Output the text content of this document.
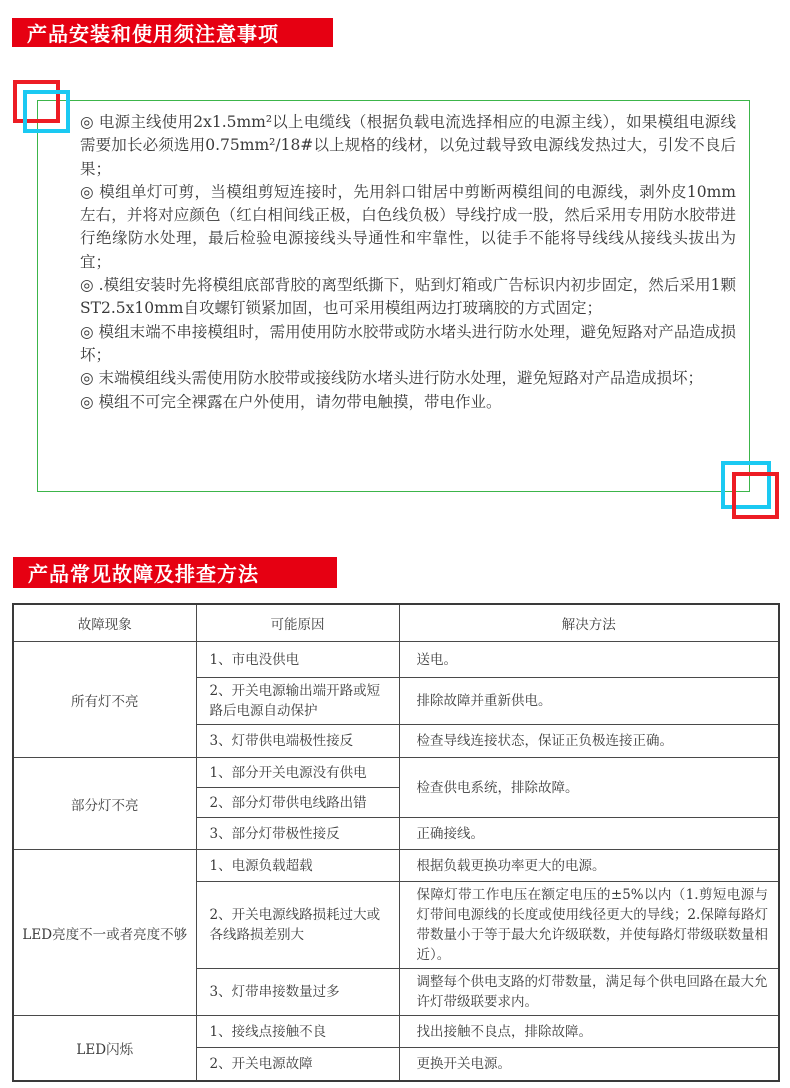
产品安装和使用须注意事项

◎ 电源主线使用2x1.5mm²以上电缆线（根据负载电流选择相应的电源主线），如果模组电源线需要加长必须选用0.75mm²/18#以上规格的线材，以免过载导致电源线发热过大，引发不良后果；

◎ 模组单灯可剪，当模组剪短连接时，先用斜口钳居中剪断两模组间的电源线，剥外皮10mm左右，并将对应颜色（红白相间线正极，白色线负极）导线拧成一股，然后采用专用防水胶带进行绝缘防水处理，最后检验电源接线头导通性和牢靠性，以徒手不能将导线线从接线头拔出为宜；

◎ .模组安装时先将模组底部背胶的离型纸撕下，贴到灯箱或广告标识内初步固定，然后采用1颗ST2.5x10mm自攻螺钉锁紧加固，也可采用模组两边打玻璃胶的方式固定；

◎ 模组末端不串接模组时，需用使用防水胶带或防水堵头进行防水处理，避免短路对产品造成损坏；

◎ 末端模组线头需使用防水胶带或接线防水堵头进行防水处理，避免短路对产品造成损坏；

◎ 模组不可完全裸露在户外使用，请勿带电触摸，带电作业。

产品常见故障及排查方法
故障现象	可能原因	解决方法
所有灯不亮	1、市电没供电	送电。
	2、开关电源输出端开路或短路后电源自动保护	排除故障并重新供电。
	3、灯带供电端极性接反	检查导线连接状态，保证正负极连接正确。
部分灯不亮	1、部分开关电源没有供电	检查供电系统，排除故障。
	2、部分灯带供电线路出错	
	3、部分灯带极性接反	正确接线。
LED亮度不一或者亮度不够	1、电源负载超载	根据负载更换功率更大的电源。
	2、开关电源线路损耗过大或各线路损差别大	保障灯带工作电压在额定电压的±5%以内（1.剪短电源与灯带间电源线的长度或使用线径更大的导线；2.保障每路灯带数量小于等于最大允许级联数，并使每路灯带级联数量相近）。
	3、灯带串接数量过多	调整每个供电支路的灯带数量，满足每个供电回路在最大允许灯带级联要求内。
LED闪烁	1、接线点接触不良	找出接触不良点，排除故障。
	2、开关电源故障	更换开关电源。
